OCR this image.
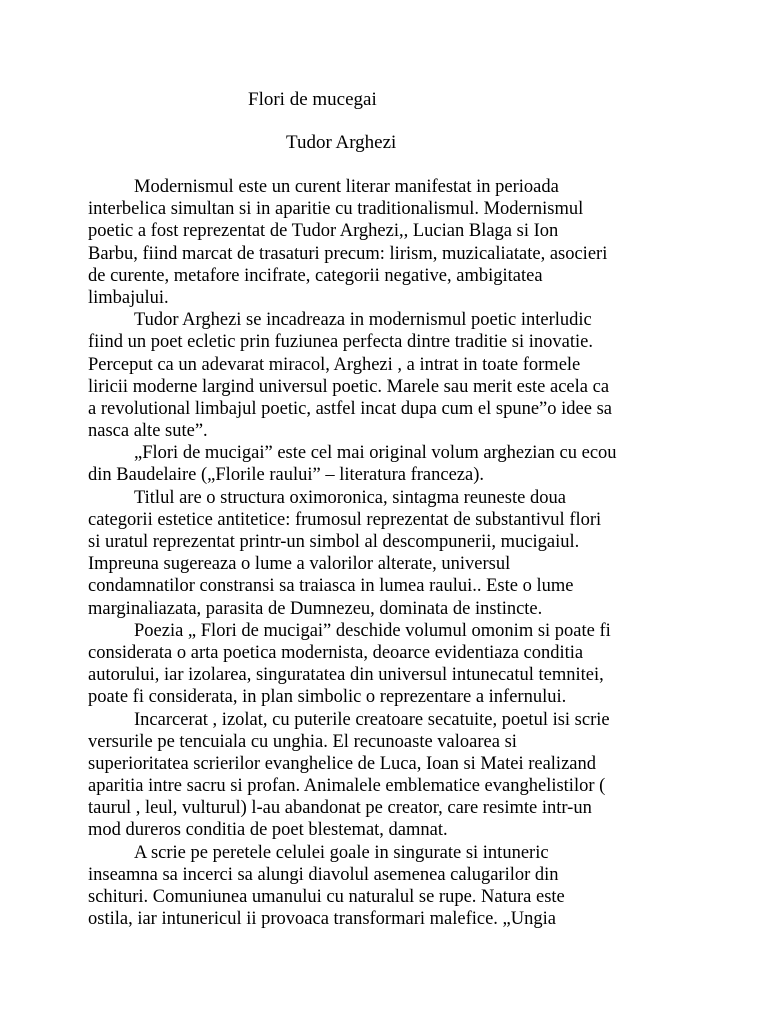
Flori de mucegai
Tudor Arghezi
Modernismul este un curent literar manifestat in perioada
interbelica simultan si in aparitie cu traditionalismul. Modernismul
poetic a fost reprezentat de Tudor Arghezi,, Lucian Blaga si Ion
Barbu, fiind marcat de trasaturi precum: lirism, muzicaliatate, asocieri
de curente, metafore incifrate, categorii negative, ambigitatea
limbajului.
Tudor Arghezi se incadreaza in modernismul poetic interludic
fiind un poet ecletic prin fuziunea perfecta dintre traditie si inovatie.
Perceput ca un adevarat miracol, Arghezi , a intrat in toate formele
liricii moderne largind universul poetic. Marele sau merit este acela ca
a revolutional limbajul poetic, astfel incat dupa cum el spune”o idee sa
nasca alte sute”.
„Flori de mucigai” este cel mai original volum arghezian cu ecou
din Baudelaire („Florile raului” – literatura franceza).
Titlul are o structura oximoronica, sintagma reuneste doua
categorii estetice antitetice: frumosul reprezentat de substantivul flori
si uratul reprezentat printr-un simbol al descompunerii, mucigaiul.
Impreuna sugereaza o lume a valorilor alterate, universul
condamnatilor constransi sa traiasca in lumea raului.. Este o lume
marginaliazata, parasita de Dumnezeu, dominata de instincte.
Poezia „ Flori de mucigai” deschide volumul omonim si poate fi
considerata o arta poetica modernista, deoarce evidentiaza conditia
autorului, iar izolarea, singuratatea din universul intunecatul temnitei,
poate fi considerata, in plan simbolic o reprezentare a infernului.
Incarcerat , izolat, cu puterile creatoare secatuite, poetul isi scrie
versurile pe tencuiala cu unghia. El recunoaste valoarea si
superioritatea scrierilor evanghelice de Luca, Ioan si Matei realizand
aparitia intre sacru si profan. Animalele emblematice evanghelistilor (
taurul , leul, vulturul) l-au abandonat pe creator, care resimte intr-un
mod dureros conditia de poet blestemat, damnat.
A scrie pe peretele celulei goale in singurate si intuneric
inseamna sa incerci sa alungi diavolul asemenea calugarilor din
schituri. Comuniunea umanului cu naturalul se rupe. Natura este
ostila, iar intunericul ii provoaca transformari malefice. „Ungia
